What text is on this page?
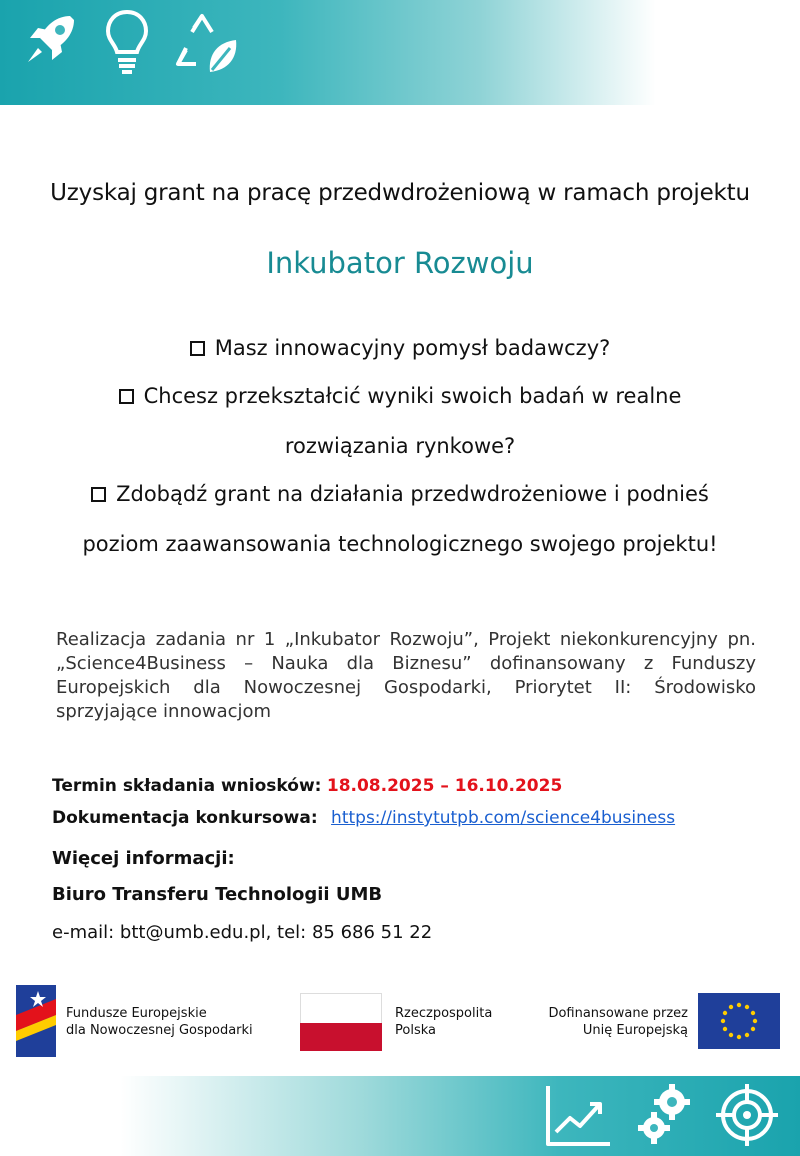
Uzyskaj grant na pracę przedwdrożeniową w ramach projektu
Inkubator Rozwoju
Masz innowacyjny pomysł badawczy?
Chcesz przekształcić wyniki swoich badań w realne
rozwiązania rynkowe?
Zdobądź grant na działania przedwdrożeniowe i podnieś
poziom zaawansowania technologicznego swojego projektu!
Realizacja zadania nr 1 „Inkubator Rozwoju”, Projekt niekonkurencyjny pn. „Science4Business – Nauka dla Biznesu” dofinansowany z Funduszy Europejskich dla Nowoczesnej Gospodarki, Priorytet II: Środowisko sprzyjające innowacjom
Termin składania wniosków: 18.08.2025 – 16.10.2025
Dokumentacja konkursowa: https://instytutpb.com/science4business
Więcej informacji:
Biuro Transferu Technologii UMB
e-mail: btt@umb.edu.pl, tel: 85 686 51 22
Fundusze Europejskie
dla Nowoczesnej Gospodarki
Rzeczpospolita
Polska
Dofinansowane przez
Unię Europejską
